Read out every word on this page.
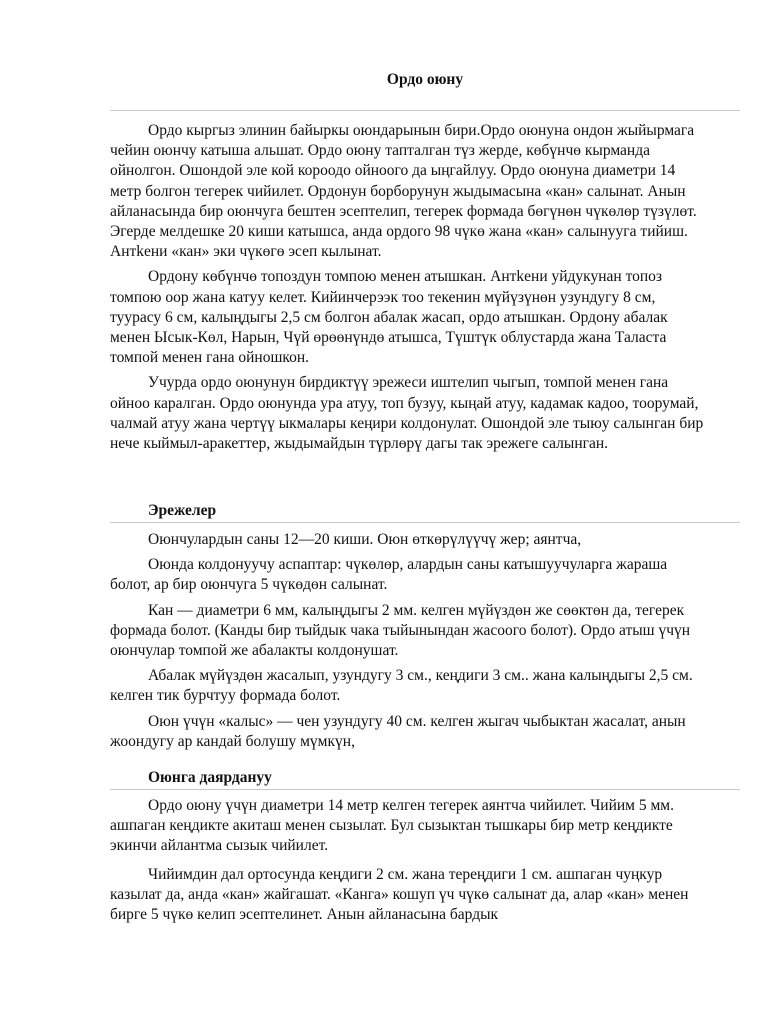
Ордо оюну

Ордо кыргыз элинин байыркы оюндарынын бири.Ордо оюнуна ондон жыйырмага чейин оюнчу катыша альшат. Ордо оюну тапталган түз жерде, көбүнчө кырманда ойнолгон. Ошондой эле кой короодо ойноого да ыңгайлуу. Ордо оюнуна диаметри 14 метр болгон тегерек чийилет. Ордонун борборунун жыдымасына «кан» салынат. Анын айланасында бир оюнчуга бештен эсептелип, тегерек формада бөгүнөн чүкөлөр түзүлөт. Эгерде мелдешке 20 киши катышса, анда ордого 98 чүкө жана «кан» салынууга тийиш. Антkени «кан» эки чүкөгө эсеп кылынат.

Ордону көбүнчө топоздун томпою менен атышкан. Антkени уйдукунан топоз томпою оор жана катуу келет. Кийинчерээк тоо текенин мүйүзүнөн узундугу 8 см, туурасу 6 см, калыңдыгы 2,5 см болгон абалак жасап, ордо атышкан. Ордону абалак менен Ысык-Көл, Нарын, Чүй өрөөнүндө атышса, Түштүк облустарда жана Таласта томпой менен гана ойношкон.

Учурда ордо оюнунун бирдиктүү эрежеси иштелип чыгып, томпой менен гана ойноо каралган. Ордо оюнунда ура атуу, топ бузуу, кыңай атуу, кадамак кадоо, тоорумай, чалмай атуу жана чертүү ыкмалары кеңири колдонулат. Ошондой эле тыюу салынган бир нече кыймыл-аракеттер, жыдымайдын түрлөрү дагы так эрежеге салынган.

Эрежелер

Оюнчулардын саны 12—20 киши. Оюн өткөрүлүүчү жер; аянтча,

Оюнда колдонуучу аспаптар: чүкөлөр, алардын саны катышуучуларга жараша болот, ар бир оюнчуга 5 чүкөдөн салынат.

Кан — диаметри 6 мм, калыңдыгы 2 мм. келген мүйүздөн же сөөктөн да, тегерек формада болот. (Канды бир тыйдык чака тыйынындан жасоого болот). Ордо атыш үчүн оюнчулар томпой же абалакты колдонушат.

Абалак мүйүздөн жасалып, узундугу 3 см., кеңдиги 3 см.. жана калыңдыгы 2,5 см. келген тик бурчтуу формада болот.

Оюн үчүн «калыс» — чен узундугу 40 см. келген жыгач чыбыктан жасалат, анын жоондугу ар кандай болушу мүмкүн,

Оюнга даярдануу

Ордо оюну үчүн диаметри 14 метр келген тегерек аянтча чийилет. Чийим 5 мм. ашпаган кеңдикте акиташ менен сызылат. Бул сызыктан тышкары бир метр кеңдикте экинчи айлантма сызык чийилет.

Чийимдин дал ортосунда кеңдиги 2 см. жана тереңдиги 1 см. ашпаган чуңкур казылат да, анда «кан» жайгашат. «Канга» кошуп үч чүкө салынат да, алар «кан» менен бирге 5 чүкө келип эсептелинет. Анын айланасына бардык
